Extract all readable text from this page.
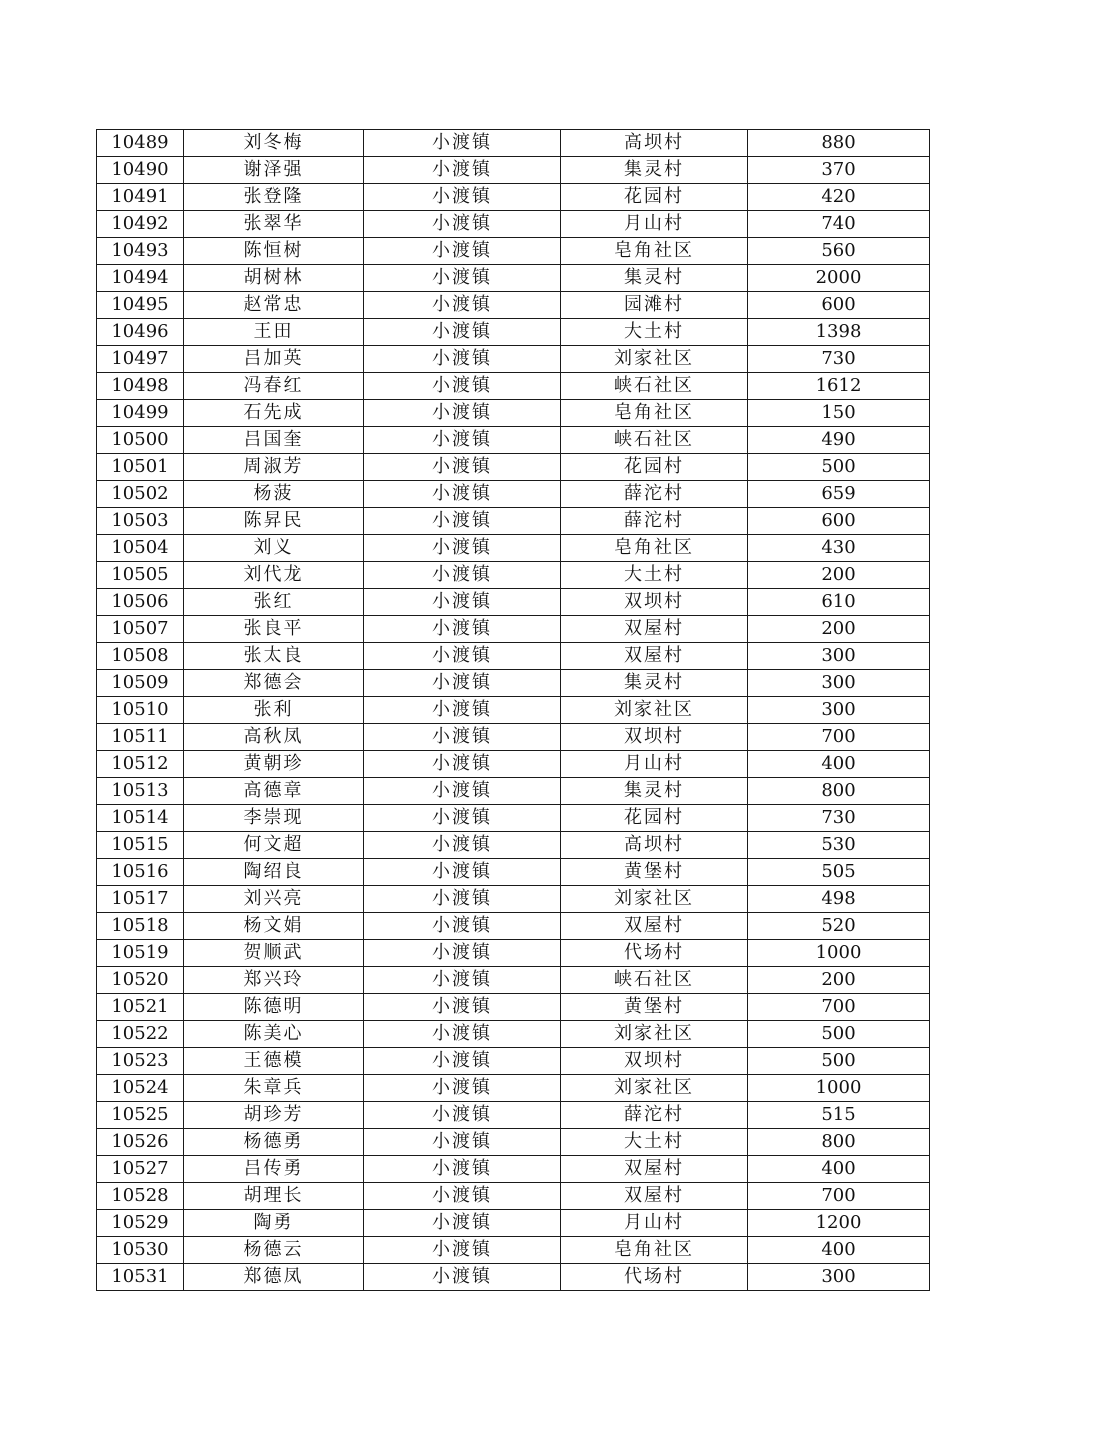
10489	刘冬梅	小渡镇	高坝村	880
10490	谢泽强	小渡镇	集灵村	370
10491	张登隆	小渡镇	花园村	420
10492	张翠华	小渡镇	月山村	740
10493	陈恒树	小渡镇	皂角社区	560
10494	胡树林	小渡镇	集灵村	2000
10495	赵常忠	小渡镇	园滩村	600
10496	王田	小渡镇	大土村	1398
10497	吕加英	小渡镇	刘家社区	730
10498	冯春红	小渡镇	峡石社区	1612
10499	石先成	小渡镇	皂角社区	150
10500	吕国奎	小渡镇	峡石社区	490
10501	周淑芳	小渡镇	花园村	500
10502	杨菠	小渡镇	薛沱村	659
10503	陈昇民	小渡镇	薛沱村	600
10504	刘义	小渡镇	皂角社区	430
10505	刘代龙	小渡镇	大土村	200
10506	张红	小渡镇	双坝村	610
10507	张良平	小渡镇	双屋村	200
10508	张太良	小渡镇	双屋村	300
10509	郑德会	小渡镇	集灵村	300
10510	张利	小渡镇	刘家社区	300
10511	高秋凤	小渡镇	双坝村	700
10512	黄朝珍	小渡镇	月山村	400
10513	高德章	小渡镇	集灵村	800
10514	李崇现	小渡镇	花园村	730
10515	何文超	小渡镇	高坝村	530
10516	陶绍良	小渡镇	黄堡村	505
10517	刘兴亮	小渡镇	刘家社区	498
10518	杨文娟	小渡镇	双屋村	520
10519	贺顺武	小渡镇	代场村	1000
10520	郑兴玲	小渡镇	峡石社区	200
10521	陈德明	小渡镇	黄堡村	700
10522	陈美心	小渡镇	刘家社区	500
10523	王德模	小渡镇	双坝村	500
10524	朱章兵	小渡镇	刘家社区	1000
10525	胡珍芳	小渡镇	薛沱村	515
10526	杨德勇	小渡镇	大土村	800
10527	吕传勇	小渡镇	双屋村	400
10528	胡理长	小渡镇	双屋村	700
10529	陶勇	小渡镇	月山村	1200
10530	杨德云	小渡镇	皂角社区	400
10531	郑德凤	小渡镇	代场村	300
